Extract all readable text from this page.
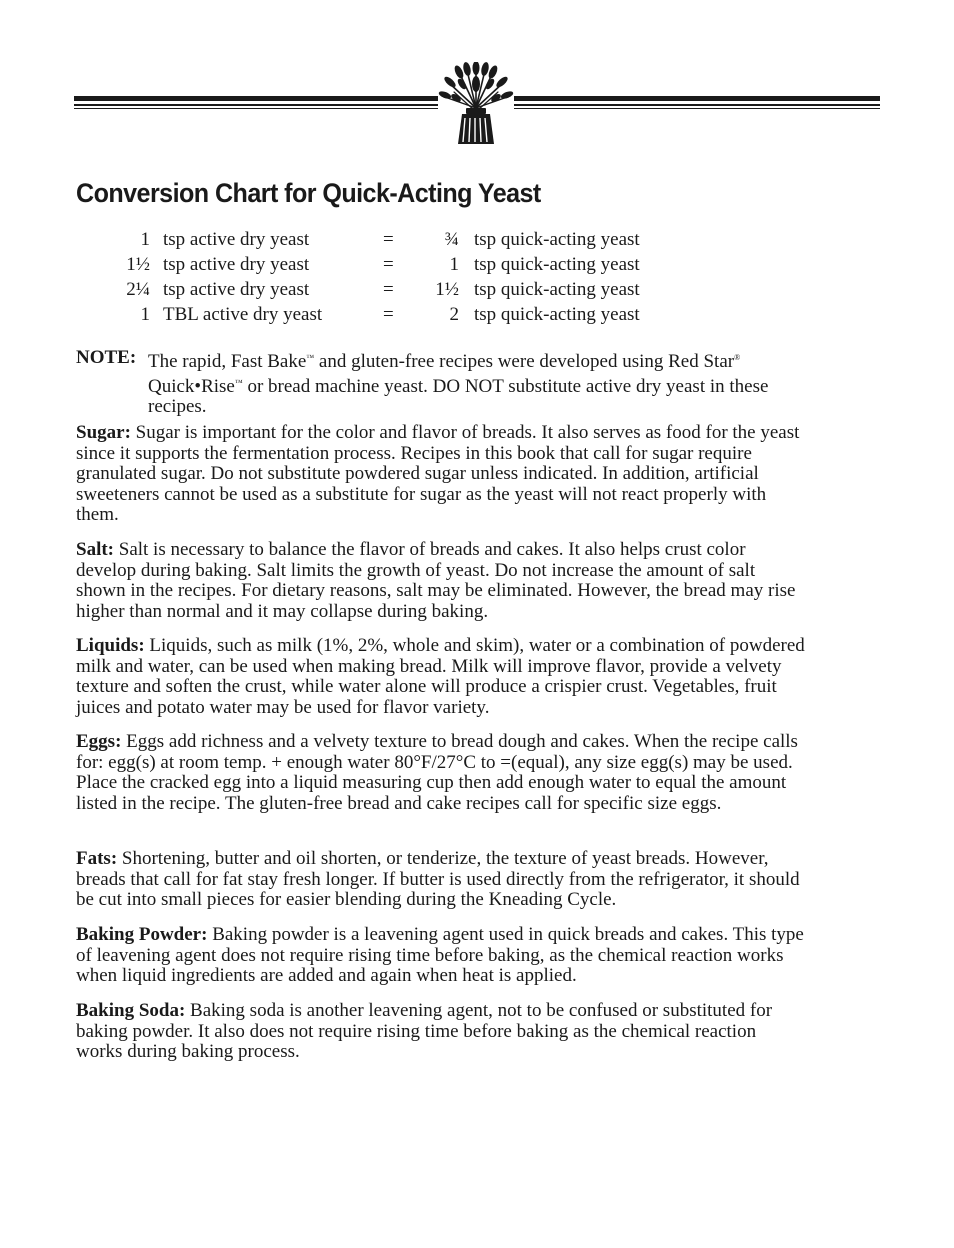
Conversion Chart for Quick-Acting Yeast
1 tsp active dry yeast	=	¾ tsp quick-acting yeast
1½ tsp active dry yeast	=	1 tsp quick-acting yeast
2¼ tsp active dry yeast	= 1½ tsp quick-acting yeast
1 TBL active dry yeast	=	2 tsp quick-acting yeast
NOTE: The rapid, Fast Bake™ and gluten-free recipes were developed using Red Star®
Quick•Rise™ or bread machine yeast. DO NOT substitute active dry yeast in these recipes.

Sugar: Sugar is important for the color and flavor of breads. It also serves as food for the yeast since it supports the fermentation process. Recipes in this book that call for sugar require granulated sugar. Do not substitute powdered sugar unless indicated. In addition, artificial sweeteners cannot be used as a substitute for sugar as the yeast will not react properly with them.

Salt: Salt is necessary to balance the flavor of breads and cakes. It also helps crust color develop during baking. Salt limits the growth of yeast. Do not increase the amount of salt shown in the recipes. For dietary reasons, salt may be eliminated. However, the bread may rise higher than normal and it may collapse during baking.

Liquids: Liquids, such as milk (1%, 2%, whole and skim), water or a combination of powdered milk and water, can be used when making bread. Milk will improve flavor, provide a velvety texture and soften the crust, while water alone will produce a crispier crust. Vegetables, fruit juices and potato water may be used for flavor variety.

Eggs: Eggs add richness and a velvety texture to bread dough and cakes. When the recipe calls for: egg(s) at room temp. + enough water 80°F/27°C to =(equal), any size egg(s) may be used. Place the cracked egg into a liquid measuring cup then add enough water to equal the amount listed in the recipe. The gluten-free bread and cake recipes call for specific size eggs.

Fats: Shortening, butter and oil shorten, or tenderize, the texture of yeast breads. However, breads that call for fat stay fresh longer. If butter is used directly from the refrigerator, it should be cut into small pieces for easier blending during the Kneading Cycle.

Baking Powder: Baking powder is a leavening agent used in quick breads and cakes. This type of leavening agent does not require rising time before baking, as the chemical reaction works when liquid ingredients are added and again when heat is applied.

Baking Soda: Baking soda is another leavening agent, not to be confused or substituted for baking powder. It also does not require rising time before baking as the chemical reaction works during baking process.
